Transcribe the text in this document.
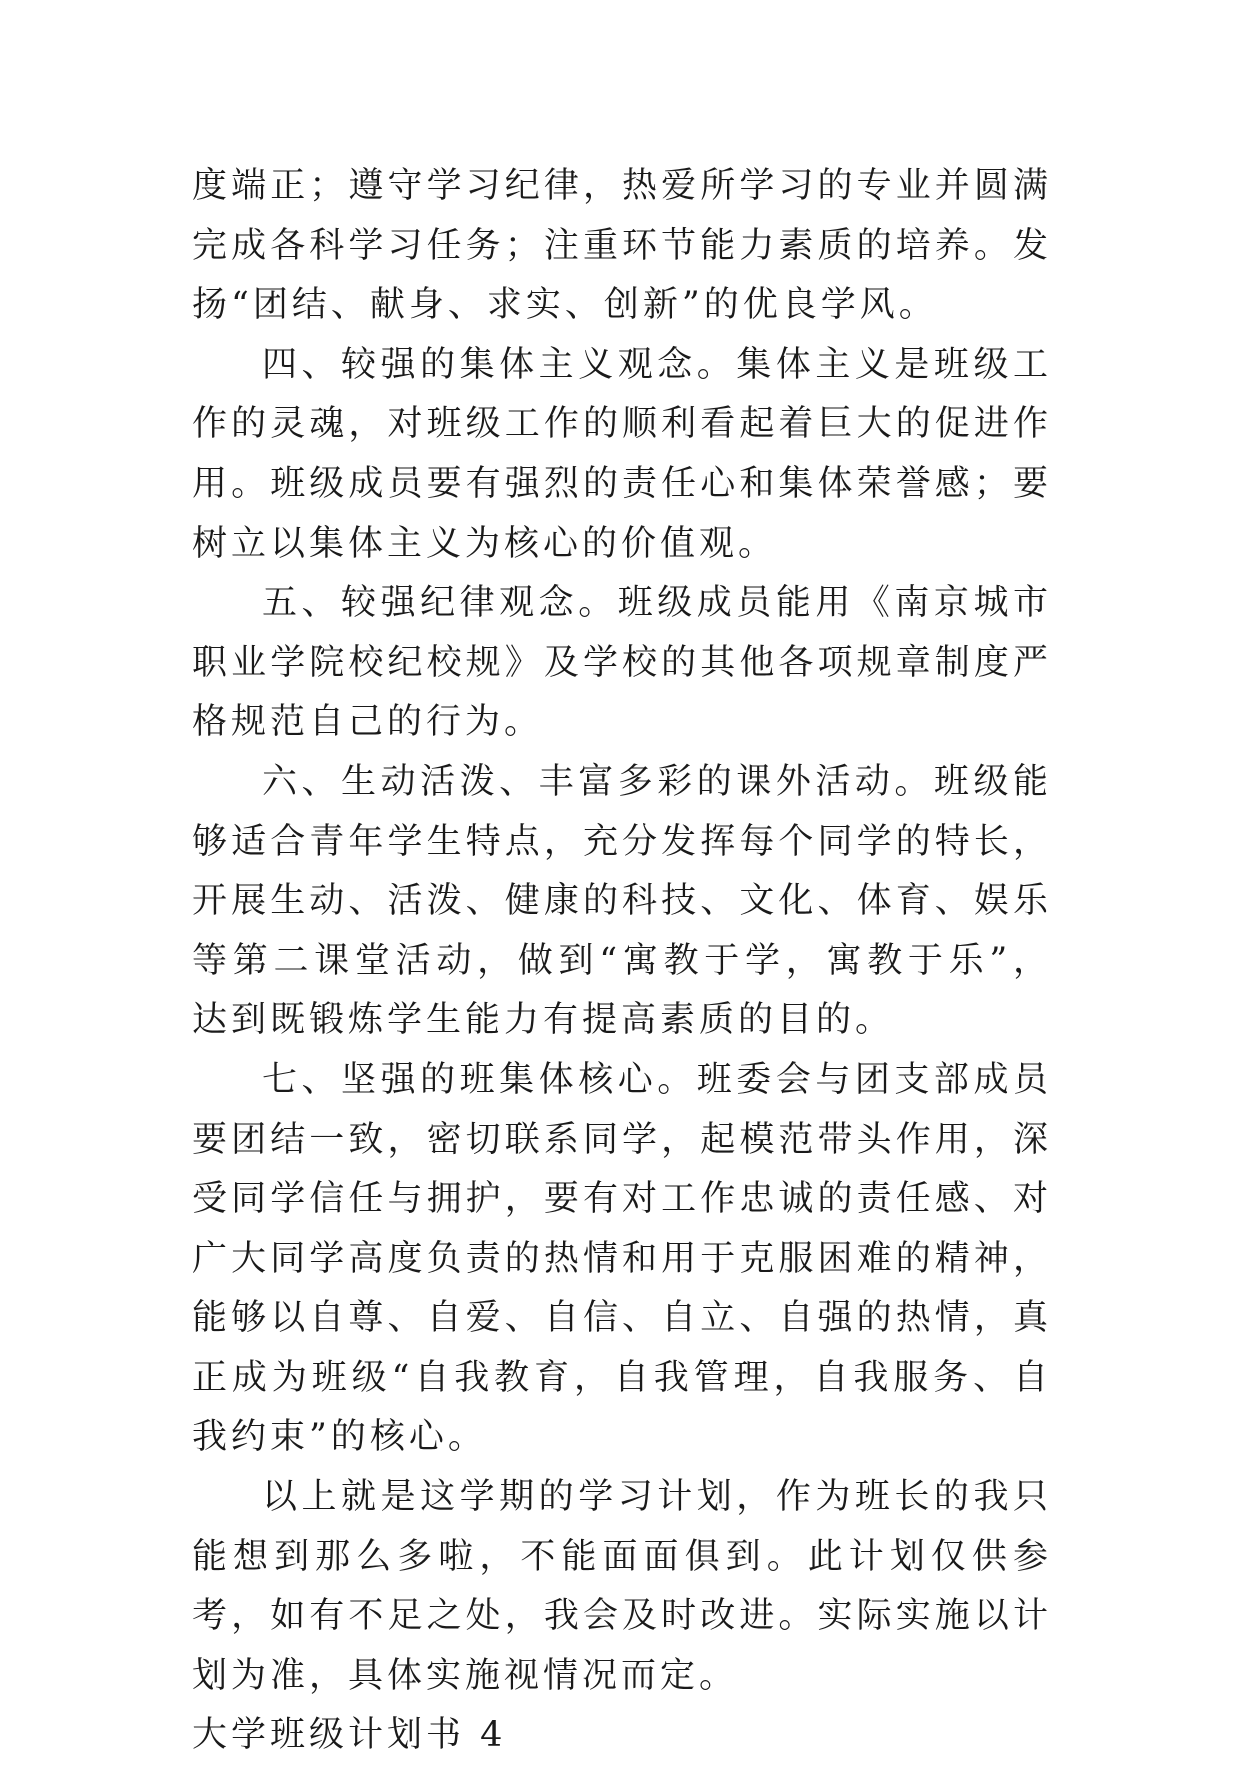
度端正；遵守学习纪律，热爱所学习的专业并圆满完成各科学习任务；注重环节能力素质的培养。发扬“团结、献身、求实、创新”的优良学风。

四、较强的集体主义观念。集体主义是班级工作的灵魂，对班级工作的顺利看起着巨大的促进作用。班级成员要有强烈的责任心和集体荣誉感；要树立以集体主义为核心的价值观。

五、较强纪律观念。班级成员能用《南京城市职业学院校纪校规》及学校的其他各项规章制度严格规范自己的行为。

六、生动活泼、丰富多彩的课外活动。班级能够适合青年学生特点，充分发挥每个同学的特长，开展生动、活泼、健康的科技、文化、体育、娱乐等第二课堂活动，做到“寓教于学，寓教于乐”，达到既锻炼学生能力有提高素质的目的。

七、坚强的班集体核心。班委会与团支部成员要团结一致，密切联系同学，起模范带头作用，深受同学信任与拥护，要有对工作忠诚的责任感、对广大同学高度负责的热情和用于克服困难的精神，能够以自尊、自爱、自信、自立、自强的热情，真正成为班级“自我教育，自我管理，自我服务、自我约束”的核心。

以上就是这学期的学习计划，作为班长的我只能想到那么多啦，不能面面俱到。此计划仅供参考，如有不足之处，我会及时改进。实际实施以计划为准，具体实施视情况而定。

大学班级计划书 4
